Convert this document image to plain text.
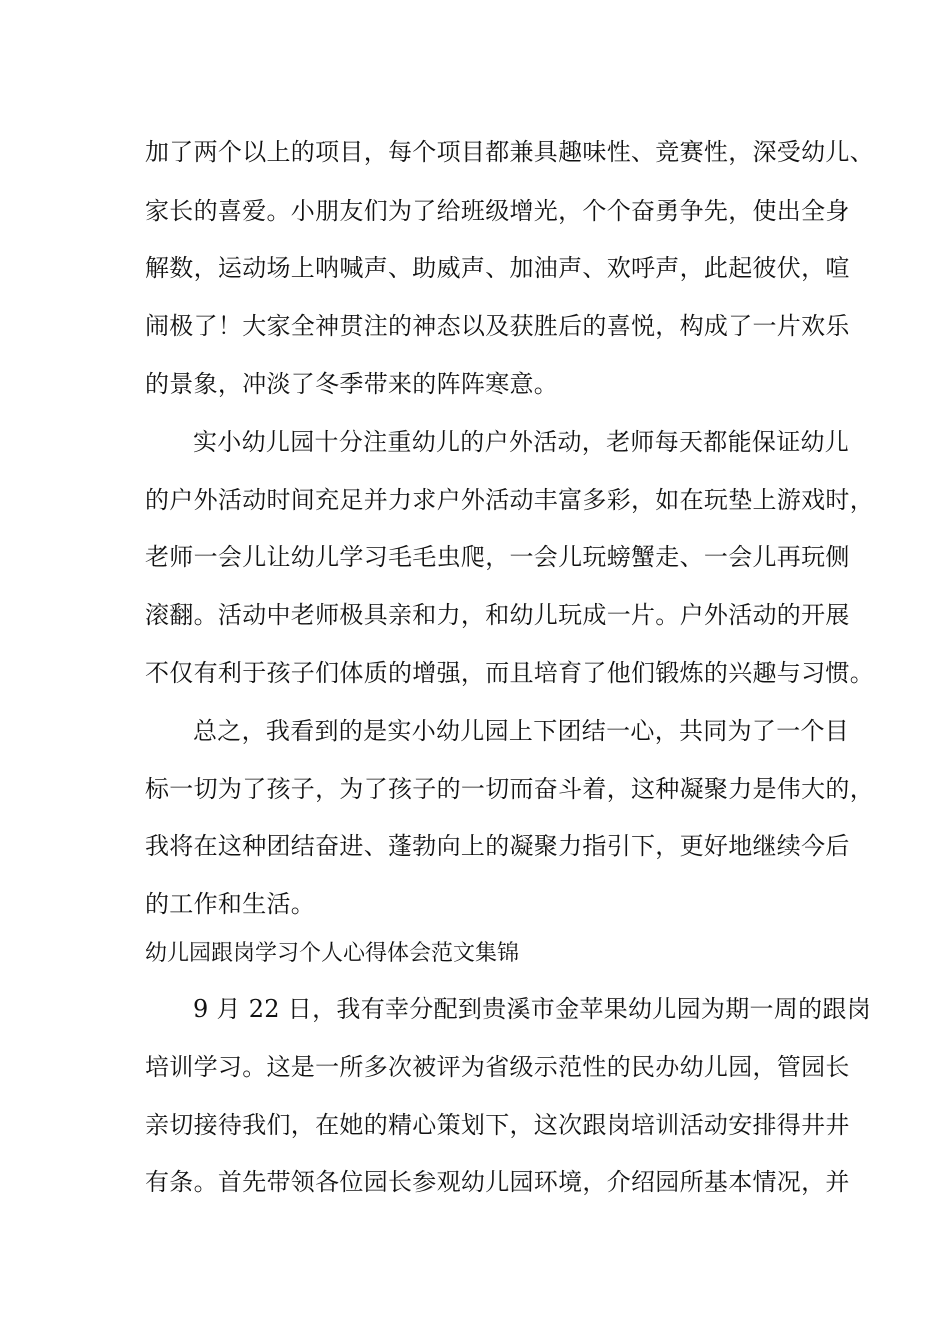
加了两个以上的项目，每个项目都兼具趣味性、竞赛性，深受幼儿、
家长的喜爱。小朋友们为了给班级增光，个个奋勇争先，使出全身
解数，运动场上呐喊声、助威声、加油声、欢呼声，此起彼伏，喧
闹极了！大家全神贯注的神态以及获胜后的喜悦，构成了一片欢乐
的景象，冲淡了冬季带来的阵阵寒意。
实小幼儿园十分注重幼儿的户外活动，老师每天都能保证幼儿
的户外活动时间充足并力求户外活动丰富多彩，如在玩垫上游戏时，
老师一会儿让幼儿学习毛毛虫爬，一会儿玩螃蟹走、一会儿再玩侧
滚翻。活动中老师极具亲和力，和幼儿玩成一片。户外活动的开展
不仅有利于孩子们体质的增强，而且培育了他们锻炼的兴趣与习惯。
总之，我看到的是实小幼儿园上下团结一心，共同为了一个目
标一切为了孩子，为了孩子的一切而奋斗着，这种凝聚力是伟大的，
我将在这种团结奋进、蓬勃向上的凝聚力指引下，更好地继续今后
的工作和生活。
幼儿园跟岗学习个人心得体会范文集锦
9 月 22 日，我有幸分配到贵溪市金苹果幼儿园为期一周的跟岗
培训学习。这是一所多次被评为省级示范性的民办幼儿园，管园长
亲切接待我们，在她的精心策划下，这次跟岗培训活动安排得井井
有条。首先带领各位园长参观幼儿园环境，介绍园所基本情况，并
